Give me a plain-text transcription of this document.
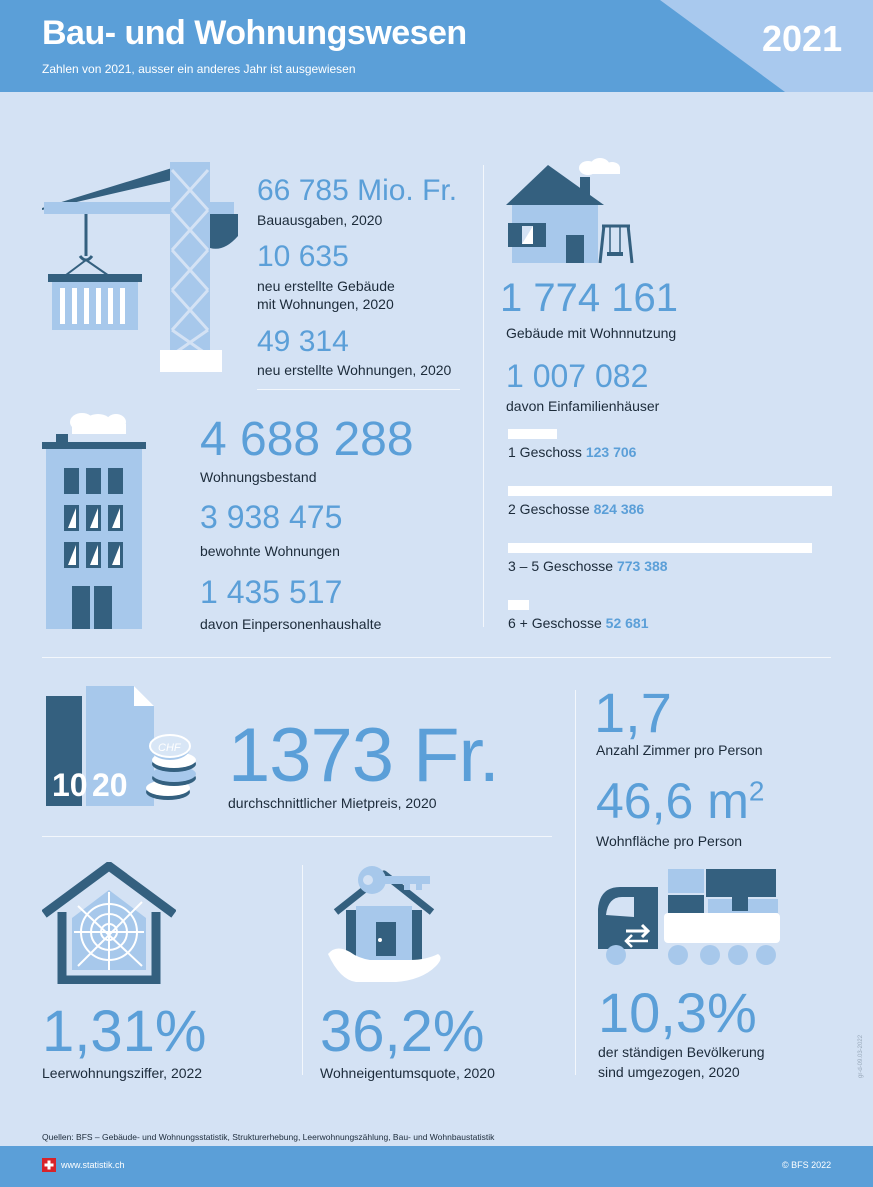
Bau- und Wohnungswesen
Zahlen von 2021, ausser ein anderes Jahr ist ausgewiesen
2021
66 785 Mio. Fr.
Bauausgaben, 2020
10 635
neu erstellte Gebäude
mit Wohnungen, 2020
49 314
neu erstellte Wohnungen, 2020
4 688 288
Wohnungsbestand
3 938 475
bewohnte Wohnungen
1 435 517
davon Einpersonenhaushalte
1 774 161
Gebäude mit Wohnnutzung
1 007 082
davon Einfamilienhäuser
1 Geschoss 123 706
2 Geschosse 824 386
3 – 5 Geschosse 773 388
6 + Geschosse 52 681
10 20
CHF 1373 Fr.
durchschnittlicher Mietpreis, 2020
1,7
Anzahl Zimmer pro Person
46,6 $m^2$
Wohnfläche pro Person
10,3%
der ständigen Bevölkerung
sind umgezogen, 2020
1,31%
Leerwohnungsziffer, 2022
36,2%
Wohneigentumsquote, 2020	gr-d-09.03-2022
Quellen: BFS – Gebäude- und Wohnungsstatistik, Strukturerhebung, Leerwohnungszählung, Bau- und Wohnbaustatistik
www.statistik.ch	© BFS 2022
